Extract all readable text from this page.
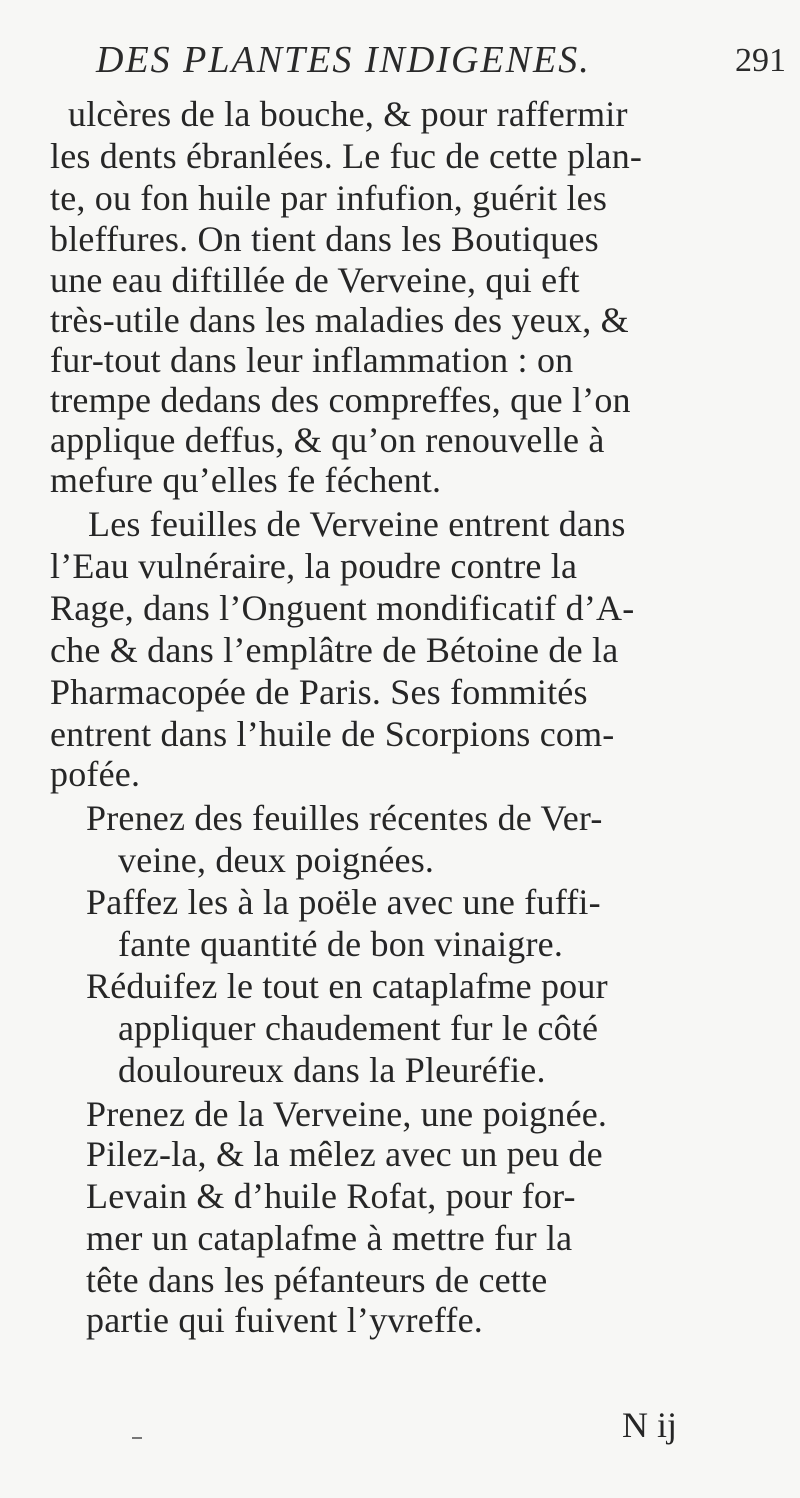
DES PLANTES INDIGENES.	291
ulcères de la bouche, & pour raffermir
les dents ébranlées. Le fuc de cette plan-
te, ou fon huile par infufion, guérit les
bleffures. On tient dans les Boutiques
une eau diftillée de Verveine, qui eft
très-utile dans les maladies des yeux, &
fur-tout dans leur inflammation : on
trempe dedans des compreffes, que l’on
applique deffus, & qu’on renouvelle à
mefure qu’elles fe féchent.
Les feuilles de Verveine entrent dans
l’Eau vulnéraire, la poudre contre la
Rage, dans l’Onguent mondificatif d’A-
che & dans l’emplâtre de Bétoine de la
Pharmacopée de Paris. Ses fommités
entrent dans l’huile de Scorpions com-
pofée.
Prenez des feuilles récentes de Ver-
veine, deux poignées.
Paffez les à la poële avec une fuffi-
fante quantité de bon vinaigre.
Réduifez le tout en cataplafme pour
appliquer chaudement fur le côté
douloureux dans la Pleuréfie.
Prenez de la Verveine, une poignée.
Pilez-la, & la mêlez avec un peu de
Levain & d’huile Rofat, pour for-
mer un cataplafme à mettre fur la
tête dans les péfanteurs de cette
partie qui fuivent l’yvreffe.
N ij
